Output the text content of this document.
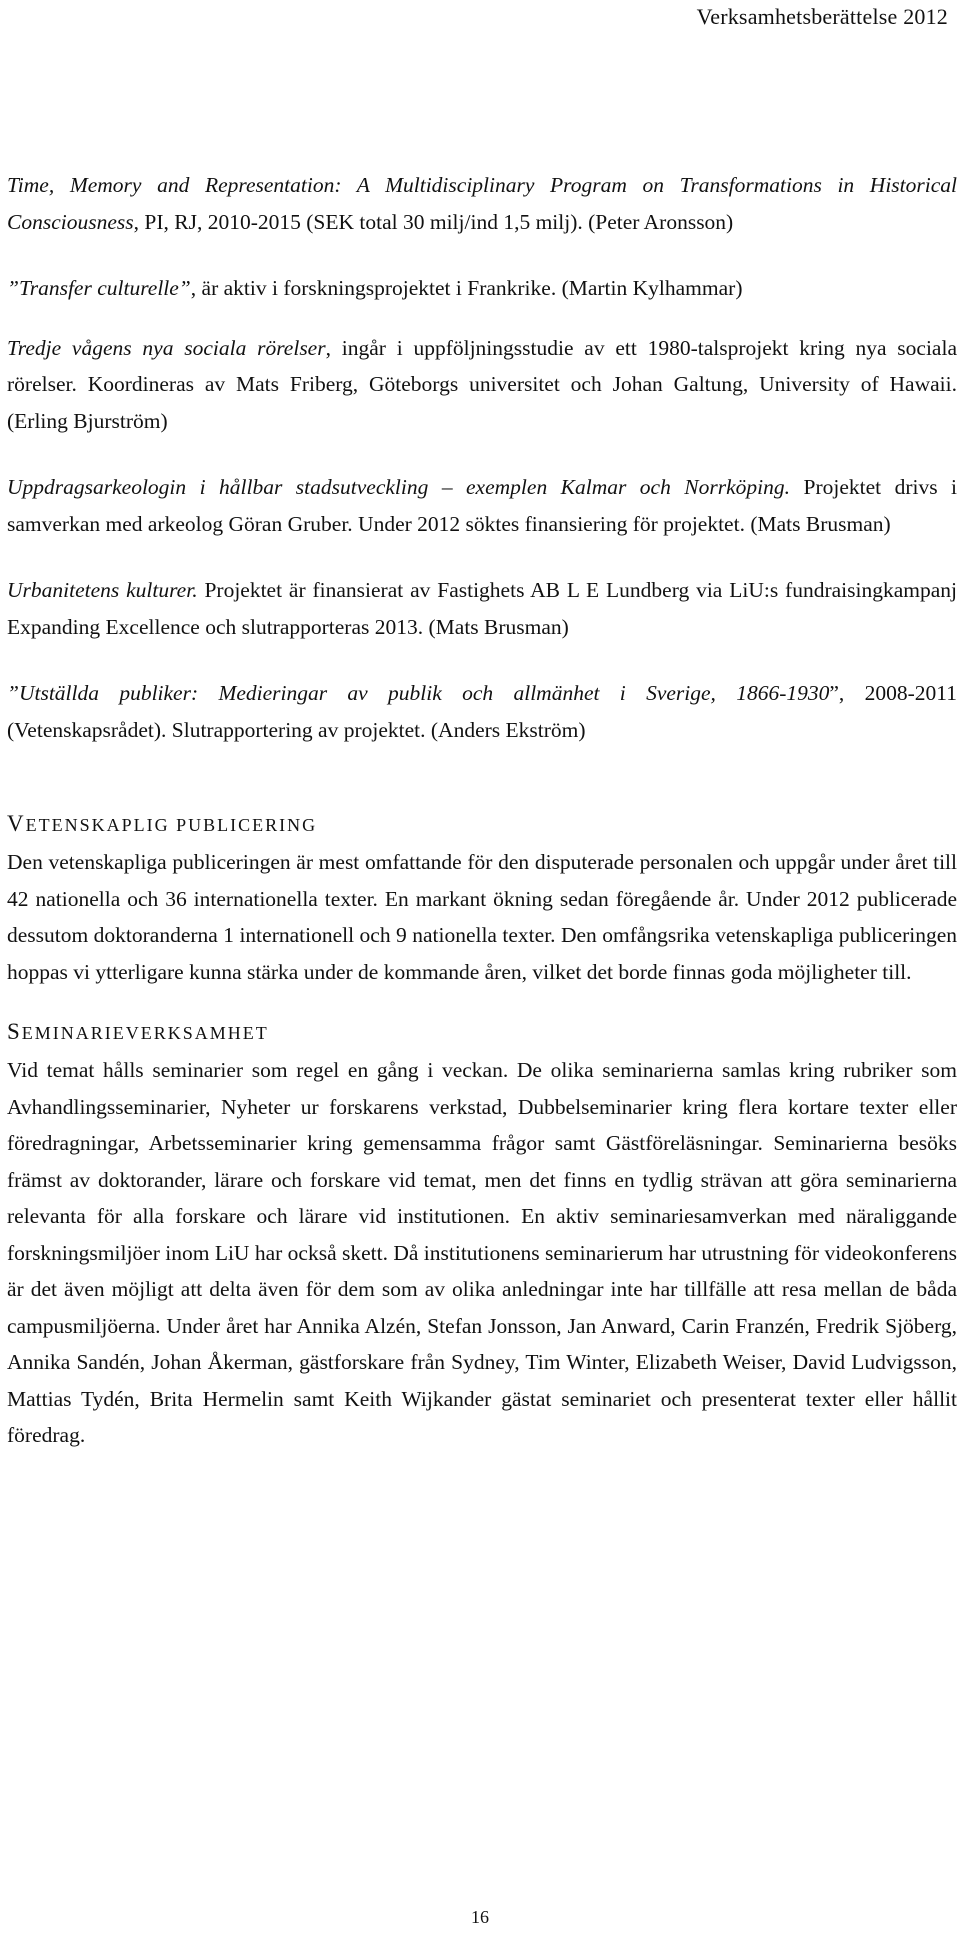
Verksamhetsberättelse 2012

Time, Memory and Representation: A Multidisciplinary Program on Transformations in Historical Consciousness, PI, RJ, 2010-2015 (SEK total 30 milj/ind 1,5 milj). (Peter Aronsson)

”Transfer culturelle”, är aktiv i forskningsprojektet i Frankrike. (Martin Kylhammar)

Tredje vågens nya sociala rörelser, ingår i uppföljningsstudie av ett 1980-talsprojekt kring nya sociala rörelser. Koordineras av Mats Friberg, Göteborgs universitet och Johan Galtung, University of Hawaii. (Erling Bjurström)

Uppdragsarkeologin i hållbar stadsutveckling – exemplen Kalmar och Norrköping. Projektet drivs i samverkan med arkeolog Göran Gruber. Under 2012 söktes finansiering för projektet. (Mats Brusman)

Urbanitetens kulturer. Projektet är finansierat av Fastighets AB L E Lundberg via LiU:s fundraisingkampanj Expanding Excellence och slutrapporteras 2013. (Mats Brusman)

”Utställda publiker: Medieringar av publik och allmänhet i Sverige, 1866-1930”, 2008-2011 (Vetenskapsrådet). Slutrapportering av projektet. (Anders Ekström)

VETENSKAPLIG PUBLICERING

Den vetenskapliga publiceringen är mest omfattande för den disputerade personalen och uppgår under året till 42 nationella och 36 internationella texter. En markant ökning sedan föregående år. Under 2012 publicerade dessutom doktoranderna 1 internationell och 9 nationella texter. Den omfångsrika vetenskapliga publiceringen hoppas vi ytterligare kunna stärka under de kommande åren, vilket det borde finnas goda möjligheter till.

SEMINARIEVERKSAMHET

Vid temat hålls seminarier som regel en gång i veckan. De olika seminarierna samlas kring rubriker som Avhandlingsseminarier, Nyheter ur forskarens verkstad, Dubbelseminarier kring flera kortare texter eller föredragningar, Arbetsseminarier kring gemensamma frågor samt Gästföreläsningar. Seminarierna besöks främst av doktorander, lärare och forskare vid temat, men det finns en tydlig strävan att göra seminarierna relevanta för alla forskare och lärare vid institutionen. En aktiv seminariesamverkan med näraliggande forskningsmiljöer inom LiU har också skett. Då institutionens seminarierum har utrustning för videokonferens är det även möjligt att delta även för dem som av olika anledningar inte har tillfälle att resa mellan de båda campusmiljöerna. Under året har Annika Alzén, Stefan Jonsson, Jan Anward, Carin Franzén, Fredrik Sjöberg, Annika Sandén, Johan Åkerman, gästforskare från Sydney, Tim Winter, Elizabeth Weiser, David Ludvigsson, Mattias Tydén, Brita Hermelin samt Keith Wijkander gästat seminariet och presenterat texter eller hållit föredrag.

16
